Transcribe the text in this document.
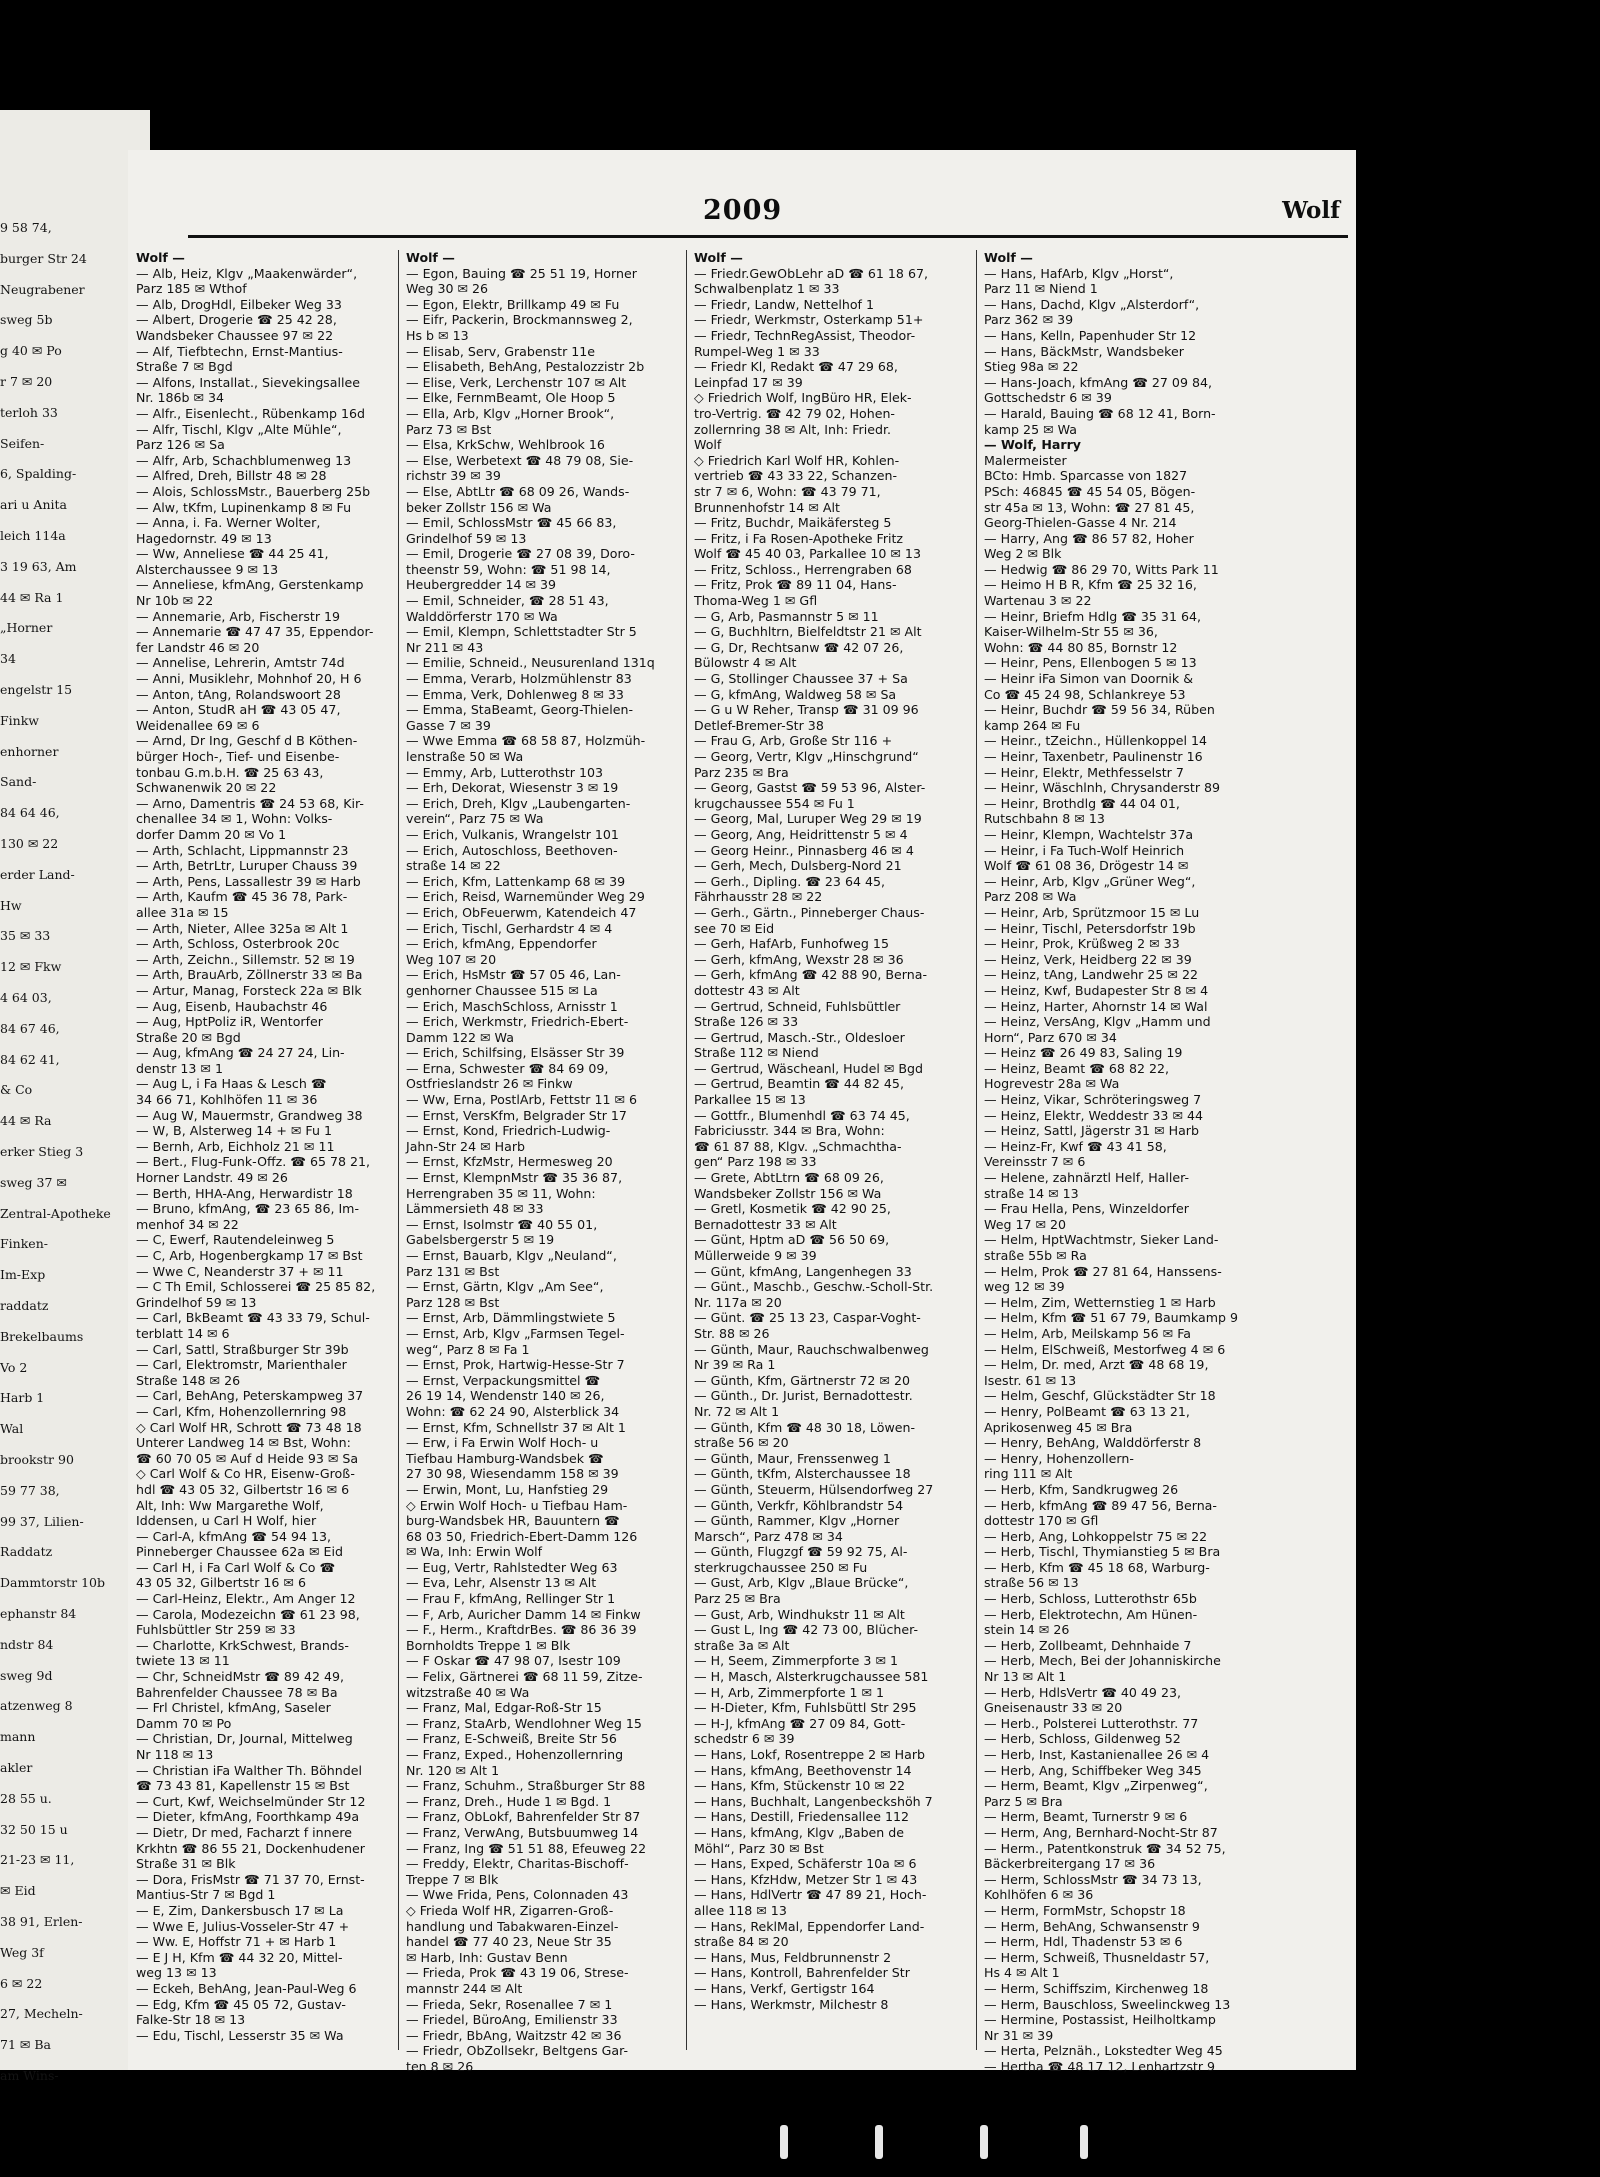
9 58 74,
burger Str 24
Neugrabener
sweg 5b
g 40 ✉ Po
r 7 ✉ 20
terloh 33
Seifen-
6, Spalding-
ari u Anita
leich 114a
3 19 63, Am
44 ✉ Ra 1
„Horner
34
engelstr 15
Finkw
enhorner
Sand-
84 64 46,
130 ✉ 22
erder Land-
Hw
35 ✉ 33
12 ✉ Fkw
4 64 03,
84 67 46,
84 62 41,
& Co
44 ✉ Ra
erker Stieg 3
sweg 37 ✉
Zentral-Apotheke
Finken-
Im-Exp
raddatz
Brekelbaums
Vo 2
Harb 1
Wal
brookstr 90
59 77 38,
99 37, Lilien-
Raddatz
Dammtorstr 10b
ephanstr 84
ndstr 84
sweg 9d
atzenweg 8
mann
akler
28 55 u.
32 50 15 u
21-23 ✉ 11,
✉ Eid
38 91, Erlen-
Weg 3f
6 ✉ 22
27, Mecheln-
71 ✉ Ba
am Wins-
2009	Wolf
Wolf —
— Alb, Heiz, Klgv „Maakenwärder“,
Parz 185 ✉ Wthof
— Alb, DrogHdl, Eilbeker Weg 33
— Albert, Drogerie ☎ 25 42 28,
Wandsbeker Chaussee 97 ✉ 22
— Alf, Tiefbtechn, Ernst-Mantius-
Straße 7 ✉ Bgd
— Alfons, Installat., Sievekingsallee
Nr. 186b ✉ 34
— Alfr., Eisenlecht., Rübenkamp 16d
— Alfr, Tischl, Klgv „Alte Mühle“,
Parz 126 ✉ Sa
— Alfr, Arb, Schachblumenweg 13
— Alfred, Dreh, Billstr 48 ✉ 28
— Alois, SchlossMstr., Bauerberg 25b
— Alw, tKfm, Lupinenkamp 8 ✉ Fu
— Anna, i. Fa. Werner Wolter,
Hagedornstr. 49 ✉ 13
— Ww, Anneliese ☎ 44 25 41,
Alsterchaussee 9 ✉ 13
— Anneliese, kfmAng, Gerstenkamp
Nr 10b ✉ 22
— Annemarie, Arb, Fischerstr 19
— Annemarie ☎ 47 47 35, Eppendor-
fer Landstr 46 ✉ 20
— Annelise, Lehrerin, Amtstr 74d
— Anni, Musiklehr, Mohnhof 20, H 6
— Anton, tAng, Rolandswoort 28
— Anton, StudR aH ☎ 43 05 47,
Weidenallee 69 ✉ 6
— Arnd, Dr Ing, Geschf d B Köthen-
bürger Hoch-, Tief- und Eisenbe-
tonbau G.m.b.H. ☎ 25 63 43,
Schwanenwik 20 ✉ 22
— Arno, Damentris ☎ 24 53 68, Kir-
chenallee 34 ✉ 1, Wohn: Volks-
dorfer Damm 20 ✉ Vo 1
— Arth, Schlacht, Lippmannstr 23
— Arth, BetrLtr, Luruper Chauss 39
— Arth, Pens, Lassallestr 39 ✉ Harb
— Arth, Kaufm ☎ 45 36 78, Park-
allee 31a ✉ 15
— Arth, Nieter, Allee 325a ✉ Alt 1
— Arth, Schloss, Osterbrook 20c
— Arth, Zeichn., Sillemstr. 52 ✉ 19
— Arth, BrauArb, Zöllnerstr 33 ✉ Ba
— Artur, Manag, Forsteck 22a ✉ Blk
— Aug, Eisenb, Haubachstr 46
— Aug, HptPoliz iR, Wentorfer
Straße 20 ✉ Bgd
— Aug, kfmAng ☎ 24 27 24, Lin-
denstr 13 ✉ 1
— Aug L, i Fa Haas & Lesch ☎
34 66 71, Kohlhöfen 11 ✉ 36
— Aug W, Mauermstr, Grandweg 38
— W, B, Alsterweg 14 + ✉ Fu 1
— Bernh, Arb, Eichholz 21 ✉ 11
— Bert., Flug-Funk-Offz. ☎ 65 78 21,
Horner Landstr. 49 ✉ 26
— Berth, HHA-Ang, Herwardistr 18
— Bruno, kfmAng, ☎ 23 65 86, Im-
menhof 34 ✉ 22
— C, Ewerf, Rautendeleinweg 5
— C, Arb, Hogenbergkamp 17 ✉ Bst
— Wwe C, Neanderstr 37 + ✉ 11
— C Th Emil, Schlosserei ☎ 25 85 82,
Grindelhof 59 ✉ 13
— Carl, BkBeamt ☎ 43 33 79, Schul-
terblatt 14 ✉ 6
— Carl, Sattl, Straßburger Str 39b
— Carl, Elektromstr, Marienthaler
Straße 148 ✉ 26
— Carl, BehAng, Peterskampweg 37
— Carl, Kfm, Hohenzollernring 98
◇ Carl Wolf HR, Schrott ☎ 73 48 18
Unterer Landweg 14 ✉ Bst, Wohn:
☎ 60 70 05 ✉ Auf d Heide 93 ✉ Sa
◇ Carl Wolf & Co HR, Eisenw-Groß-
hdl ☎ 43 05 32, Gilbertstr 16 ✉ 6
Alt, Inh: Ww Margarethe Wolf,
Iddensen, u Carl H Wolf, hier
— Carl-A, kfmAng ☎ 54 94 13,
Pinneberger Chaussee 62a ✉ Eid
— Carl H, i Fa Carl Wolf & Co ☎
43 05 32, Gilbertstr 16 ✉ 6
— Carl-Heinz, Elektr., Am Anger 12
— Carola, Modezeichn ☎ 61 23 98,
Fuhlsbüttler Str 259 ✉ 33
— Charlotte, KrkSchwest, Brands-
twiete 13 ✉ 11
— Chr, SchneidMstr ☎ 89 42 49,
Bahrenfelder Chaussee 78 ✉ Ba
— Frl Christel, kfmAng, Saseler
Damm 70 ✉ Po
— Christian, Dr, Journal, Mittelweg
Nr 118 ✉ 13
— Christian iFa Walther Th. Böhndel
☎ 73 43 81, Kapellenstr 15 ✉ Bst
— Curt, Kwf, Weichselmünder Str 12
— Dieter, kfmAng, Foorthkamp 49a
— Dietr, Dr med, Facharzt f innere
Krkhtn ☎ 86 55 21, Dockenhudener
Straße 31 ✉ Blk
— Dora, FrisMstr ☎ 71 37 70, Ernst-
Mantius-Str 7 ✉ Bgd 1
— E, Zim, Dankersbusch 17 ✉ La
— Wwe E, Julius-Vosseler-Str 47 +
— Ww. E, Hoffstr 71 + ✉ Harb 1
— E J H, Kfm ☎ 44 32 20, Mittel-
weg 13 ✉ 13
— Eckeh, BehAng, Jean-Paul-Weg 6
— Edg, Kfm ☎ 45 05 72, Gustav-
Falke-Str 18 ✉ 13
— Edu, Tischl, Lesserstr 35 ✉ Wa
Wolf —
— Egon, Bauing ☎ 25 51 19, Horner
Weg 30 ✉ 26
— Egon, Elektr, Brillkamp 49 ✉ Fu
— Eifr, Packerin, Brockmannsweg 2,
Hs b ✉ 13
— Elisab, Serv, Grabenstr 11e
— Elisabeth, BehAng, Pestalozzistr 2b
— Elise, Verk, Lerchenstr 107 ✉ Alt
— Elke, FernmBeamt, Ole Hoop 5
— Ella, Arb, Klgv „Horner Brook“,
Parz 73 ✉ Bst
— Elsa, KrkSchw, Wehlbrook 16
— Else, Werbetext ☎ 48 79 08, Sie-
richstr 39 ✉ 39
— Else, AbtLtr ☎ 68 09 26, Wands-
beker Zollstr 156 ✉ Wa
— Emil, SchlossMstr ☎ 45 66 83,
Grindelhof 59 ✉ 13
— Emil, Drogerie ☎ 27 08 39, Doro-
theenstr 59, Wohn: ☎ 51 98 14,
Heubergredder 14 ✉ 39
— Emil, Schneider, ☎ 28 51 43,
Walddörferstr 170 ✉ Wa
— Emil, Klempn, Schlettstadter Str 5
Nr 211 ✉ 43
— Emilie, Schneid., Neusurenland 131q
— Emma, Verarb, Holzmühlenstr 83
— Emma, Verk, Dohlenweg 8 ✉ 33
— Emma, StaBeamt, Georg-Thielen-
Gasse 7 ✉ 39
— Wwe Emma ☎ 68 58 87, Holzmüh-
lenstraße 50 ✉ Wa
— Emmy, Arb, Lutterothstr 103
— Erh, Dekorat, Wiesenstr 3 ✉ 19
— Erich, Dreh, Klgv „Laubengarten-
verein“, Parz 75 ✉ Wa
— Erich, Vulkanis, Wrangelstr 101
— Erich, Autoschloss, Beethoven-
straße 14 ✉ 22
— Erich, Kfm, Lattenkamp 68 ✉ 39
— Erich, Reisd, Warnemünder Weg 29
— Erich, ObFeuerwm, Katendeich 47
— Erich, Tischl, Gerhardstr 4 ✉ 4
— Erich, kfmAng, Eppendorfer
Weg 107 ✉ 20
— Erich, HsMstr ☎ 57 05 46, Lan-
genhorner Chaussee 515 ✉ La
— Erich, MaschSchloss, Arnisstr 1
— Erich, Werkmstr, Friedrich-Ebert-
Damm 122 ✉ Wa
— Erich, Schilfsing, Elsässer Str 39
— Erna, Schwester ☎ 84 69 09,
Ostfrieslandstr 26 ✉ Finkw
— Ww, Erna, PostlArb, Fettstr 11 ✉ 6
— Ernst, VersKfm, Belgrader Str 17
— Ernst, Kond, Friedrich-Ludwig-
Jahn-Str 24 ✉ Harb
— Ernst, KfzMstr, Hermesweg 20
— Ernst, KlempnMstr ☎ 35 36 87,
Herrengraben 35 ✉ 11, Wohn:
Lämmersieth 48 ✉ 33
— Ernst, Isolmstr ☎ 40 55 01,
Gabelsbergerstr 5 ✉ 19
— Ernst, Bauarb, Klgv „Neuland“,
Parz 131 ✉ Bst
— Ernst, Gärtn, Klgv „Am See“,
Parz 128 ✉ Bst
— Ernst, Arb, Dämmlingstwiete 5
— Ernst, Arb, Klgv „Farmsen Tegel-
weg“, Parz 8 ✉ Fa 1
— Ernst, Prok, Hartwig-Hesse-Str 7
— Ernst, Verpackungsmittel ☎
26 19 14, Wendenstr 140 ✉ 26,
Wohn: ☎ 62 24 90, Alsterblick 34
— Ernst, Kfm, Schnellstr 37 ✉ Alt 1
— Erw, i Fa Erwin Wolf Hoch- u
Tiefbau Hamburg-Wandsbek ☎
27 30 98, Wiesendamm 158 ✉ 39
— Erwin, Mont, Lu, Hanfstieg 29
◇ Erwin Wolf Hoch- u Tiefbau Ham-
burg-Wandsbek HR, Bauuntern ☎
68 03 50, Friedrich-Ebert-Damm 126
✉ Wa, Inh: Erwin Wolf
— Eug, Vertr, Rahlstedter Weg 63
— Eva, Lehr, Alsenstr 13 ✉ Alt
— Frau F, kfmAng, Rellinger Str 1
— F, Arb, Auricher Damm 14 ✉ Finkw
— F., Herm., KraftdrBes. ☎ 86 36 39
Bornholdts Treppe 1 ✉ Blk
— F Oskar ☎ 47 98 07, Isestr 109
— Felix, Gärtnerei ☎ 68 11 59, Zitze-
witzstraße 40 ✉ Wa
— Franz, Mal, Edgar-Roß-Str 15
— Franz, StaArb, Wendlohner Weg 15
— Franz, E-Schweiß, Breite Str 56
— Franz, Exped., Hohenzollernring
Nr. 120 ✉ Alt 1
— Franz, Schuhm., Straßburger Str 88
— Franz, Dreh., Hude 1 ✉ Bgd. 1
— Franz, ObLokf, Bahrenfelder Str 87
— Franz, VerwAng, Butsbuumweg 14
— Franz, Ing ☎ 51 51 88, Efeuweg 22
— Freddy, Elektr, Charitas-Bischoff-
Treppe 7 ✉ Blk
— Wwe Frida, Pens, Colonnaden 43
◇ Frieda Wolf HR, Zigarren-Groß-
handlung und Tabakwaren-Einzel-
handel ☎ 77 40 23, Neue Str 35
✉ Harb, Inh: Gustav Benn
— Frieda, Prok ☎ 43 19 06, Strese-
mannstr 244 ✉ Alt
— Frieda, Sekr, Rosenallee 7 ✉ 1
— Friedel, BüroAng, Emilienstr 33
— Friedr, BbAng, Waitzstr 42 ✉ 36
— Friedr, ObZollsekr, Beltgens Gar-
ten 8 ✉ 26
Wolf —
— Friedr.GewObLehr aD ☎ 61 18 67,
Schwalbenplatz 1 ✉ 33
— Friedr, Landw, Nettelhof 1
— Friedr, Werkmstr, Osterkamp 51+
— Friedr, TechnRegAssist, Theodor-
Rumpel-Weg 1 ✉ 33
— Friedr Kl, Redakt ☎ 47 29 68,
Leinpfad 17 ✉ 39
◇ Friedrich Wolf, IngBüro HR, Elek-
tro-Vertrig. ☎ 42 79 02, Hohen-
zollernring 38 ✉ Alt, Inh: Friedr.
Wolf
◇ Friedrich Karl Wolf HR, Kohlen-
vertrieb ☎ 43 33 22, Schanzen-
str 7 ✉ 6, Wohn: ☎ 43 79 71,
Brunnenhofstr 14 ✉ Alt
— Fritz, Buchdr, Maikäfersteg 5
— Fritz, i Fa Rosen-Apotheke Fritz
Wolf ☎ 45 40 03, Parkallee 10 ✉ 13
— Fritz, Schloss., Herrengraben 68
— Fritz, Prok ☎ 89 11 04, Hans-
Thoma-Weg 1 ✉ Gfl
— G, Arb, Pasmannstr 5 ✉ 11
— G, Buchhltrn, Bielfeldtstr 21 ✉ Alt
— G, Dr, Rechtsanw ☎ 42 07 26,
Bülowstr 4 ✉ Alt
— G, Stollinger Chaussee 37 + Sa
— G, kfmAng, Waldweg 58 ✉ Sa
— G u W Reher, Transp ☎ 31 09 96
Detlef-Bremer-Str 38
— Frau G, Arb, Große Str 116 +
— Georg, Vertr, Klgv „Hinschgrund“
Parz 235 ✉ Bra
— Georg, Gastst ☎ 59 53 96, Alster-
krugchaussee 554 ✉ Fu 1
— Georg, Mal, Luruper Weg 29 ✉ 19
— Georg, Ang, Heidrittenstr 5 ✉ 4
— Georg Heinr., Pinnasberg 46 ✉ 4
— Gerh, Mech, Dulsberg-Nord 21
— Gerh., Dipling. ☎ 23 64 45,
Fährhausstr 28 ✉ 22
— Gerh., Gärtn., Pinneberger Chaus-
see 70 ✉ Eid
— Gerh, HafArb, Funhofweg 15
— Gerh, kfmAng, Wexstr 28 ✉ 36
— Gerh, kfmAng ☎ 42 88 90, Berna-
dottestr 43 ✉ Alt
— Gertrud, Schneid, Fuhlsbüttler
Straße 126 ✉ 33
— Gertrud, Masch.-Str., Oldesloer
Straße 112 ✉ Niend
— Gertrud, Wäscheanl, Hudel ✉ Bgd
— Gertrud, Beamtin ☎ 44 82 45,
Parkallee 15 ✉ 13
— Gottfr., Blumenhdl ☎ 63 74 45,
Fabriciusstr. 344 ✉ Bra, Wohn:
☎ 61 87 88, Klgv. „Schmachtha-
gen“ Parz 198 ✉ 33
— Grete, AbtLtrn ☎ 68 09 26,
Wandsbeker Zollstr 156 ✉ Wa
— Gretl, Kosmetik ☎ 42 90 25,
Bernadottestr 33 ✉ Alt
— Günt, Hptm aD ☎ 56 50 69,
Müllerweide 9 ✉ 39
— Günt, kfmAng, Langenhegen 33
— Günt., Maschb., Geschw.-Scholl-Str.
Nr. 117a ✉ 20
— Günt. ☎ 25 13 23, Caspar-Voght-
Str. 88 ✉ 26
— Günth, Maur, Rauchschwalbenweg
Nr 39 ✉ Ra 1
— Günth, Kfm, Gärtnerstr 72 ✉ 20
— Günth., Dr. Jurist, Bernadottestr.
Nr. 72 ✉ Alt 1
— Günth, Kfm ☎ 48 30 18, Löwen-
straße 56 ✉ 20
— Günth, Maur, Frenssenweg 1
— Günth, tKfm, Alsterchaussee 18
— Günth, Steuerm, Hülsendorfweg 27
— Günth, Verkfr, Köhlbrandstr 54
— Günth, Rammer, Klgv „Horner
Marsch“, Parz 478 ✉ 34
— Günth, Flugzgf ☎ 59 92 75, Al-
sterkrugchaussee 250 ✉ Fu
— Gust, Arb, Klgv „Blaue Brücke“,
Parz 25 ✉ Bra
— Gust, Arb, Windhukstr 11 ✉ Alt
— Gust L, Ing ☎ 42 73 00, Blücher-
straße 3a ✉ Alt
— H, Seem, Zimmerpforte 3 ✉ 1
— H, Masch, Alsterkrugchaussee 581
— H, Arb, Zimmerpforte 1 ✉ 1
— H-Dieter, Kfm, Fuhlsbüttl Str 295
— H-J, kfmAng ☎ 27 09 84, Gott-
schedstr 6 ✉ 39
— Hans, Lokf, Rosentreppe 2 ✉ Harb
— Hans, kfmAng, Beethovenstr 14
— Hans, Kfm, Stückenstr 10 ✉ 22
— Hans, Buchhalt, Langenbeckshöh 7
— Hans, Destill, Friedensallee 112
— Hans, kfmAng, Klgv „Baben de
Möhl“, Parz 30 ✉ Bst
— Hans, Exped, Schäferstr 10a ✉ 6
— Hans, KfzHdw, Metzer Str 1 ✉ 43
— Hans, HdlVertr ☎ 47 89 21, Hoch-
allee 118 ✉ 13
— Hans, ReklMal, Eppendorfer Land-
straße 84 ✉ 20
— Hans, Mus, Feldbrunnenstr 2
— Hans, Kontroll, Bahrenfelder Str
— Hans, Verkf, Gertigstr 164
— Hans, Werkmstr, Milchestr 8
Wolf —
— Hans, HafArb, Klgv „Horst“,
Parz 11 ✉ Niend 1
— Hans, Dachd, Klgv „Alsterdorf“,
Parz 362 ✉ 39
— Hans, Kelln, Papenhuder Str 12
— Hans, BäckMstr, Wandsbeker
Stieg 98a ✉ 22
— Hans-Joach, kfmAng ☎ 27 09 84,
Gottschedstr 6 ✉ 39
— Harald, Bauing ☎ 68 12 41, Born-
kamp 25 ✉ Wa
— Wolf, Harry
Malermeister
BCto: Hmb. Sparcasse von 1827
PSch: 46845 ☎ 45 54 05, Bögen-
str 45a ✉ 13, Wohn: ☎ 27 81 45,
Georg-Thielen-Gasse 4 Nr. 214
— Harry, Ang ☎ 86 57 82, Hoher
Weg 2 ✉ Blk
— Hedwig ☎ 86 29 70, Witts Park 11
— Heimo H B R, Kfm ☎ 25 32 16,
Wartenau 3 ✉ 22
— Heinr, Briefm Hdlg ☎ 35 31 64,
Kaiser-Wilhelm-Str 55 ✉ 36,
Wohn: ☎ 44 80 85, Bornstr 12
— Heinr, Pens, Ellenbogen 5 ✉ 13
— Heinr iFa Simon van Doornik &
Co ☎ 45 24 98, Schlankreye 53
— Heinr, Buchdr ☎ 59 56 34, Rüben
kamp 264 ✉ Fu
— Heinr., tZeichn., Hüllenkoppel 14
— Heinr, Taxenbetr, Paulinenstr 16
— Heinr, Elektr, Methfesselstr 7
— Heinr, Wäschlnh, Chrysanderstr 89
— Heinr, Brothdlg ☎ 44 04 01,
Rutschbahn 8 ✉ 13
— Heinr, Klempn, Wachtelstr 37a
— Heinr, i Fa Tuch-Wolf Heinrich
Wolf ☎ 61 08 36, Drögestr 14 ✉
— Heinr, Arb, Klgv „Grüner Weg“,
Parz 208 ✉ Wa
— Heinr, Arb, Sprützmoor 15 ✉ Lu
— Heinr, Tischl, Petersdorfstr 19b
— Heinr, Prok, Krüßweg 2 ✉ 33
— Heinz, Verk, Heidberg 22 ✉ 39
— Heinz, tAng, Landwehr 25 ✉ 22
— Heinz, Kwf, Budapester Str 8 ✉ 4
— Heinz, Harter, Ahornstr 14 ✉ Wal
— Heinz, VersAng, Klgv „Hamm und
Horn“, Parz 670 ✉ 34
— Heinz ☎ 26 49 83, Saling 19
— Heinz, Beamt ☎ 68 82 22,
Hogrevestr 28a ✉ Wa
— Heinz, Vikar, Schröteringsweg 7
— Heinz, Elektr, Weddestr 33 ✉ 44
— Heinz, Sattl, Jägerstr 31 ✉ Harb
— Heinz-Fr, Kwf ☎ 43 41 58,
Vereinsstr 7 ✉ 6
— Helene, zahnärztl Helf, Haller-
straße 14 ✉ 13
— Frau Hella, Pens, Winzeldorfer
Weg 17 ✉ 20
— Helm, HptWachtmstr, Sieker Land-
straße 55b ✉ Ra
— Helm, Prok ☎ 27 81 64, Hanssens-
weg 12 ✉ 39
— Helm, Zim, Wetternstieg 1 ✉ Harb
— Helm, Kfm ☎ 51 67 79, Baumkamp 9
— Helm, Arb, Meilskamp 56 ✉ Fa
— Helm, ElSchweiß, Mestorfweg 4 ✉ 6
— Helm, Dr. med, Arzt ☎ 48 68 19,
Isestr. 61 ✉ 13
— Helm, Geschf, Glückstädter Str 18
— Henry, PolBeamt ☎ 63 13 21,
Aprikosenweg 45 ✉ Bra
— Henry, BehAng, Walddörferstr 8
— Henry, Hohenzollern-
ring 111 ✉ Alt
— Herb, Kfm, Sandkrugweg 26
— Herb, kfmAng ☎ 89 47 56, Berna-
dottestr 170 ✉ Gfl
— Herb, Ang, Lohkoppelstr 75 ✉ 22
— Herb, Tischl, Thymianstieg 5 ✉ Bra
— Herb, Kfm ☎ 45 18 68, Warburg-
straße 56 ✉ 13
— Herb, Schloss, Lutterothstr 65b
— Herb, Elektrotechn, Am Hünen-
stein 14 ✉ 26
— Herb, Zollbeamt, Dehnhaide 7
— Herb, Mech, Bei der Johanniskirche
Nr 13 ✉ Alt 1
— Herb, HdlsVertr ☎ 40 49 23,
Gneisenaustr 33 ✉ 20
— Herb., Polsterei Lutterothstr. 77
— Herb, Schloss, Gildenweg 52
— Herb, Inst, Kastanienallee 26 ✉ 4
— Herb, Ang, Schiffbeker Weg 345
— Herm, Beamt, Klgv „Zirpenweg“,
Parz 5 ✉ Bra
— Herm, Beamt, Turnerstr 9 ✉ 6
— Herm, Ang, Bernhard-Nocht-Str 87
— Herm., Patentkonstruk ☎ 34 52 75,
Bäckerbreitergang 17 ✉ 36
— Herm, SchlossMstr ☎ 34 73 13,
Kohlhöfen 6 ✉ 36
— Herm, FormMstr, Schopstr 18
— Herm, BehAng, Schwansenstr 9
— Herm, Hdl, Thadenstr 53 ✉ 6
— Herm, Schweiß, Thusneldastr 57,
Hs 4 ✉ Alt 1
— Herm, Schiffszim, Kirchenweg 18
— Herm, Bauschloss, Sweelinckweg 13
— Hermine, Postassist, Heilholtkamp
Nr 31 ✉ 39
— Herta, Pelznäh., Lokstedter Weg 45
— Hertha ☎ 48 17 12, Lenhartzstr 9
